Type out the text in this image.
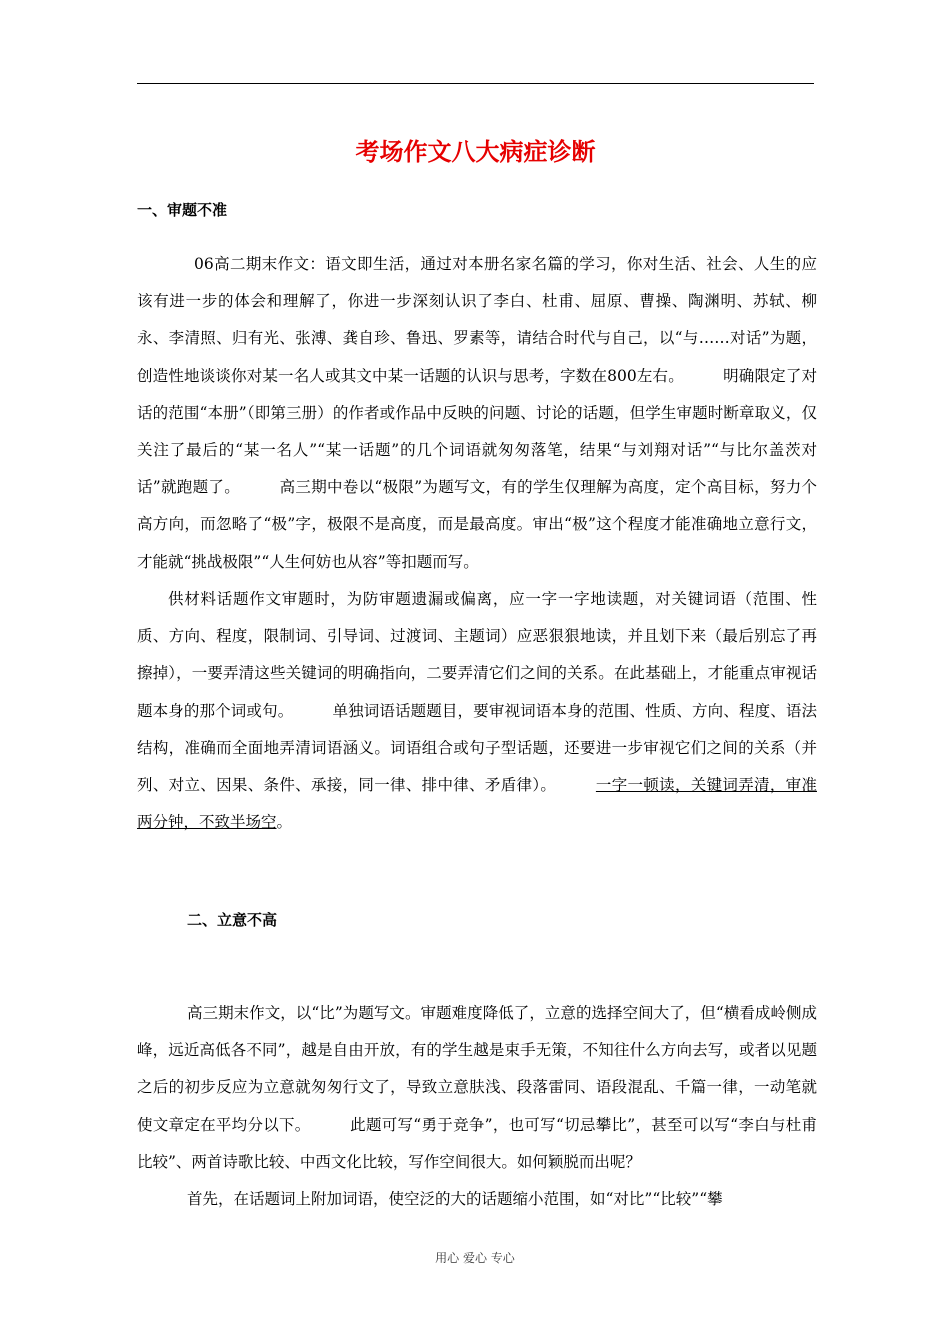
考场作文八大病症诊断
一、审题不准

06高二期末作文：语文即生活，通过对本册名家名篇的学习，你对生活、社会、人生的应该有进一步的体会和理解了，你进一步深刻认识了李白、杜甫、屈原、曹操、陶渊明、苏轼、柳永、李清照、归有光、张溥、龚自珍、鲁迅、罗素等，请结合时代与自己，以“与……对话”为题，创造性地谈谈你对某一名人或其文中某一话题的认识与思考，字数在800左右。　　　明确限定了对话的范围“本册”（即第三册）的作者或作品中反映的问题、讨论的话题，但学生审题时断章取义，仅关注了最后的“某一名人”“某一话题”的几个词语就匆匆落笔，结果“与刘翔对话”“与比尔盖茨对话”就跑题了。　　　高三期中卷以“极限”为题写文，有的学生仅理解为高度，定个高目标，努力个高方向，而忽略了“极”字，极限不是高度，而是最高度。审出“极”这个程度才能准确地立意行文，才能就“挑战极限”“人生何妨也从容”等扣题而写。

供材料话题作文审题时，为防审题遗漏或偏离，应一字一字地读题，对关键词语（范围、性质、方向、程度，限制词、引导词、过渡词、主题词）应恶狠狠地读，并且划下来（最后别忘了再擦掉），一要弄清这些关键词的明确指向，二要弄清它们之间的关系。在此基础上，才能重点审视话题本身的那个词或句。　　　单独词语话题题目，要审视词语本身的范围、性质、方向、程度、语法结构，准确而全面地弄清词语涵义。词语组合或句子型话题，还要进一步审视它们之间的关系（并列、对立、因果、条件、承接，同一律、排中律、矛盾律）。　　　一字一顿读，关键词弄清，审准两分钟，不致半场空。

二、立意不高

高三期末作文，以“比”为题写文。审题难度降低了，立意的选择空间大了，但“横看成岭侧成峰，远近高低各不同”，越是自由开放，有的学生越是束手无策，不知往什么方向去写，或者以见题之后的初步反应为立意就匆匆行文了，导致立意肤浅、段落雷同、语段混乱、千篇一律，一动笔就使文章定在平均分以下。　　　此题可写“勇于竞争”，也可写“切忌攀比”，甚至可以写“李白与杜甫比较”、两首诗歌比较、中西文化比较，写作空间很大。如何颖脱而出呢？

首先，在话题词上附加词语，使空泛的大的话题缩小范围，如“对比”“比较”“攀

用心 爱心 专心
